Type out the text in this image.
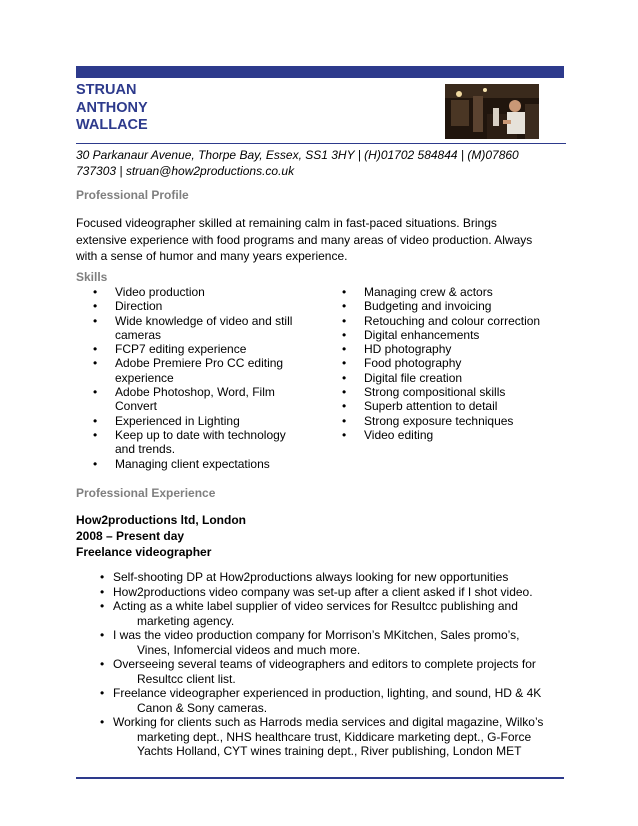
STRUAN
ANTHONY
WALLACE
30 Parkanaur Avenue, Thorpe Bay, Essex, SS1 3HY | (H)01702 584844 | (M)07860
737303 | struan@how2productions.co.uk
Professional Profile
Focused videographer skilled at remaining calm in fast-paced situations. Brings
extensive experience with food programs and many areas of video production. Always
with a sense of humor and many years experience.
Skills
• Video production
• Direction
• Wide knowledge of video and still
cameras
• FCP7 editing experience
• Adobe Premiere Pro CC editing
experience
• Adobe Photoshop, Word, Film
Convert
• Experienced in Lighting
• Keep up to date with technology
and trends.
• Managing client expectations
• Managing crew & actors
• Budgeting and invoicing
• Retouching and colour correction
• Digital enhancements
• HD photography
• Food photography
• Digital file creation
• Strong compositional skills
• Superb attention to detail
• Strong exposure techniques
• Video editing
Professional Experience
How2productions ltd, London
2008 – Present day
Freelance videographer
• Self-shooting DP at How2productions always looking for new opportunities
• How2productions video company was set-up after a client asked if I shot video.
• Acting as a white label supplier of video services for Resultcc publishing and
marketing agency.
• I was the video production company for Morrison’s MKitchen, Sales promo’s,
Vines, Infomercial videos and much more.
• Overseeing several teams of videographers and editors to complete projects for
Resultcc client list.
• Freelance videographer experienced in production, lighting, and sound, HD & 4K
Canon & Sony cameras.
• Working for clients such as Harrods media services and digital magazine, Wilko’s
marketing dept., NHS healthcare trust, Kiddicare marketing dept., G-Force
Yachts Holland, CYT wines training dept., River publishing, London MET
